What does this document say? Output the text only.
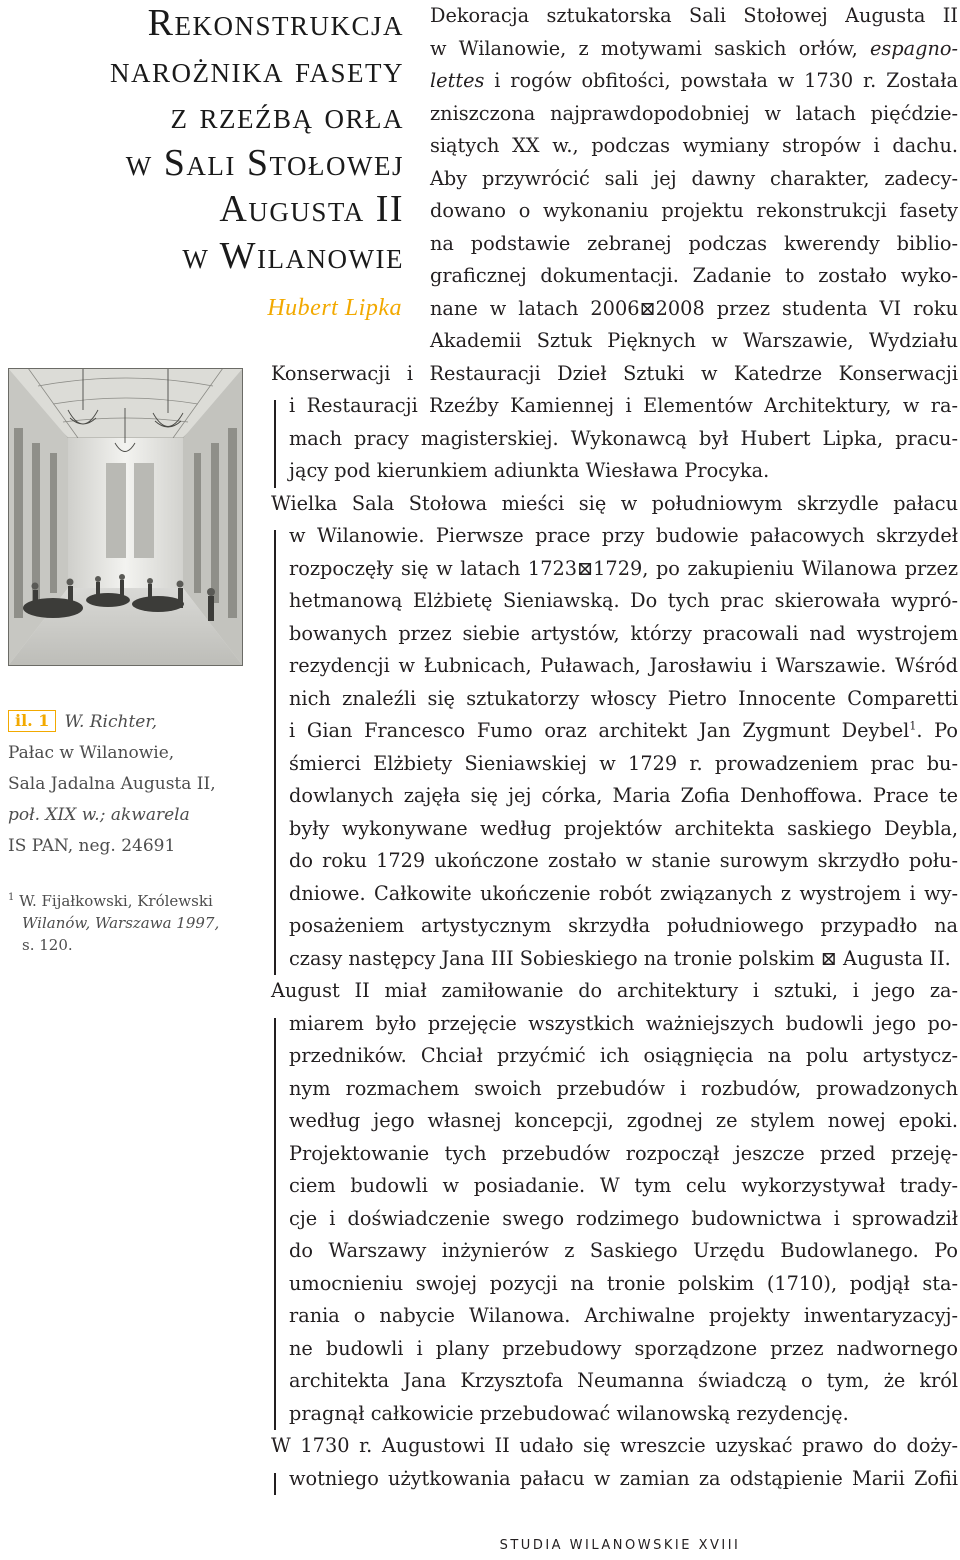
Rekonstrukcja
narożnika fasety
z rzeźbą orła
w Sali Stołowej
Augusta II
w Wilanowie
Hubert Lipka
il. 1 W. Richter,
Pałac w Wilanowie,
Sala Jadalna Augusta II,
poł. XIX w.; akwarela
IS PAN, neg. 24691
$^1$ W. Fijałkowski, Królewski
Wilanów, Warszawa 1997,
s. 120.
Dekoracja sztukatorska Sali Stołowej Augusta II
w Wilanowie, z motywami saskich orłów, espagno-
lettes i rogów obfitości, powstała w 1730 r. Została
zniszczona najprawdopodobniej w latach pięćdzie-
siątych XX w., podczas wymiany stropów i dachu.
Aby przywrócić sali jej dawny charakter, zadecy-
dowano o wykonaniu projektu rekonstrukcji fasety
na podstawie zebranej podczas kwerendy biblio-
graficznej dokumentacji. Zadanie to zostało wyko-
nane w latach 2006⊠2008 przez studenta VI roku
Akademii Sztuk Pięknych w Warszawie, Wydziału
Konserwacji i Restauracji Dzieł Sztuki w Katedrze Konserwacji
i Restauracji Rzeźby Kamiennej i Elementów Architektury, w ra-
mach pracy magisterskiej. Wykonawcą był Hubert Lipka, pracu-
jący pod kierunkiem adiunkta Wiesława Procyka.
Wielka Sala Stołowa mieści się w południowym skrzydle pałacu
w Wilanowie. Pierwsze prace przy budowie pałacowych skrzydeł
rozpoczęły się w latach 1723⊠1729, po zakupieniu Wilanowa przez
hetmanową Elżbietę Sieniawską. Do tych prac skierowała wypró-
bowanych przez siebie artystów, którzy pracowali nad wystrojem
rezydencji w Łubnicach, Puławach, Jarosławiu i Warszawie. Wśród
nich znaleźli się sztukatorzy włoscy Pietro Innocente Comparetti
i Gian Francesco Fumo oraz architekt Jan Zygmunt Deybel$^1$. Po
śmierci Elżbiety Sieniawskiej w 1729 r. prowadzeniem prac bu-
dowlanych zajęła się jej córka, Maria Zofia Denhoffowa. Prace te
były wykonywane według projektów architekta saskiego Deybla,
do roku 1729 ukończone zostało w stanie surowym skrzydło połu-
dniowe. Całkowite ukończenie robót związanych z wystrojem i wy-
posażeniem artystycznym skrzydła południowego przypadło na
czasy następcy Jana III Sobieskiego na tronie polskim ⊠ Augusta II.
August II miał zamiłowanie do architektury i sztuki, i jego za-
miarem było przejęcie wszystkich ważniejszych budowli jego po-
przedników. Chciał przyćmić ich osiągnięcia na polu artystycz-
nym rozmachem swoich przebudów i rozbudów, prowadzonych
według jego własnej koncepcji, zgodnej ze stylem nowej epoki.
Projektowanie tych przebudów rozpoczął jeszcze przed przeję-
ciem budowli w posiadanie. W tym celu wykorzystywał trady-
cje i doświadczenie swego rodzimego budownictwa i sprowadził
do Warszawy inżynierów z Saskiego Urzędu Budowlanego. Po
umocnieniu swojej pozycji na tronie polskim (1710), podjął sta-
rania o nabycie Wilanowa. Archiwalne projekty inwentaryzacyj-
ne budowli i plany przebudowy sporządzone przez nadwornego
architekta Jana Krzysztofa Neumanna świadczą o tym, że król
pragnął całkowicie przebudować wilanowską rezydencję.
W 1730 r. Augustowi II udało się wreszcie uzyskać prawo do doży-
wotniego użytkowania pałacu w zamian za odstąpienie Marii Zofii
STUDIA WILANOWSKIE XVIII
